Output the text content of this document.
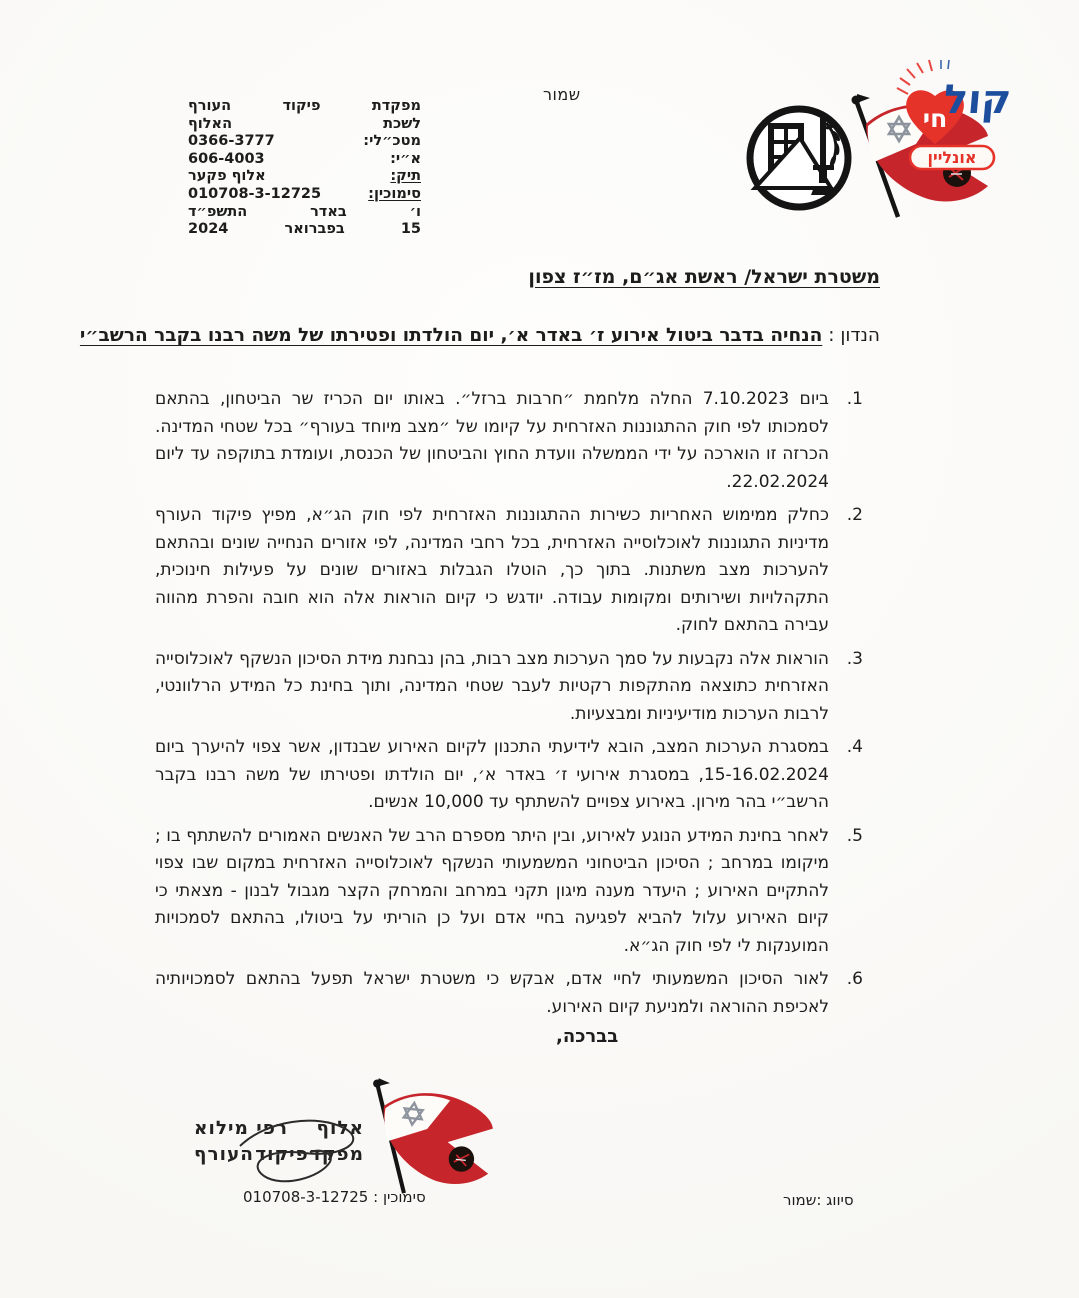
שמור
מפקדת
פיקוד
העורף
לשכת
האלוף
מטכ״לי:
0366-3777
א״י:
606-4003
תיק:
אלוף פקער
סימוכין:
010708-3-12725
ו׳
באדר
התשפ״ד
15
בפברואר
2024
חי
קול
אונליין
משטרת ישראל/ ראשת אג״ם, מז״ז צפון
הנדון : הנחיה בדבר ביטול אירוע ז׳ באדר א׳, יום הולדתו ופטירתו של משה רבנו בקבר הרשב״י
1.
ביום 7.10.2023 החלה מלחמת ״חרבות ברזל״. באותו יום הכריז שר הביטחון, בהתאם לסמכותו לפי חוק ההתגוננות האזרחית על קיומו של ״מצב מיוחד בעורף״ בכל שטחי המדינה. הכרזה זו הוארכה על ידי הממשלה וועדת החוץ והביטחון של הכנסת, ועומדת בתוקפה עד ליום 22.02.2024.
2.
כחלק ממימוש האחריות כשירות ההתגוננות האזרחית לפי חוק הג״א, מפיץ פיקוד העורף מדיניות התגוננות לאוכלוסייה האזרחית, בכל רחבי המדינה, לפי אזורים הנחייה שונים ובהתאם להערכות מצב משתנות. בתוך כך, הוטלו הגבלות באזורים שונים על פעילות חינוכית, התקהלויות ושירותים ומקומות עבודה. יודגש כי קיום הוראות אלה הוא חובה והפרת מהווה עבירה בהתאם לחוק.
3.
הוראות אלה נקבעות על סמך הערכות מצב רבות, בהן נבחנת מידת הסיכון הנשקף לאוכלוסייה האזרחית כתוצאה מהתקפות רקטיות לעבר שטחי המדינה, ותוך בחינת כל המידע הרלוונטי, לרבות הערכות מודיעיניות ומבצעיות.
4.
במסגרת הערכות המצב, הובא לידיעתי התכנון לקיום האירוע שבנדון, אשר צפוי להיערך ביום 15-16.02.2024, במסגרת אירועי ז׳ באדר א׳, יום הולדתו ופטירתו של משה רבנו בקבר הרשב״י בהר מירון. באירוע צפויים להשתתף עד 10,000 אנשים.
5.
לאחר בחינת המידע הנוגע לאירוע, ובין היתר מספרם הרב של האנשים האמורים להשתתף בו ; מיקומו במרחב ; הסיכון הביטחוני המשמעותי הנשקף לאוכלוסייה האזרחית במקום שבו צפוי להתקיים האירוע ; היעדר מענה מיגון תקני במרחב והמרחק הקצר מגבול לבנון - מצאתי כי קיום האירוע עלול להביא לפגיעה בחיי אדם ועל כן הוריתי על ביטולו, בהתאם לסמכויות המוענקות לי לפי חוק הג״א.
6.
לאור הסיכון המשמעותי לחיי אדם, אבקש כי משטרת ישראל תפעל בהתאם לסמכויותיה לאכיפת ההוראה ולמניעת קיום האירוע.
בברכה,
אלוף
רפי מילוא
מפקד
פיקוד
העורף
סימוכין : 010708-3-12725	סיווג :שמור
